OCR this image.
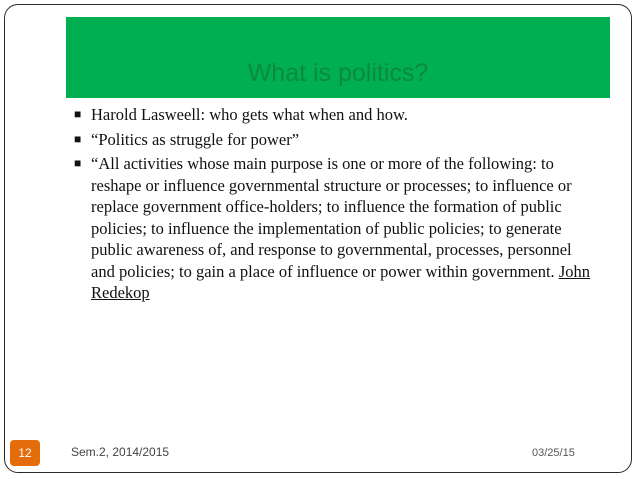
What is politics?
■ Harold Lasweell: who gets what when and how.
■ “Politics as struggle for power”
■ “All activities whose main purpose is one or more of the following: to reshape or influence governmental structure or processes; to influence or replace government office-holders; to influence the formation of public policies; to influence the implementation of public policies; to generate public awareness of, and response to governmental, processes, personnel and policies; to gain a place of influence or power within government. John Redekop
12	Sem.2, 2014/2015	03/25/15
